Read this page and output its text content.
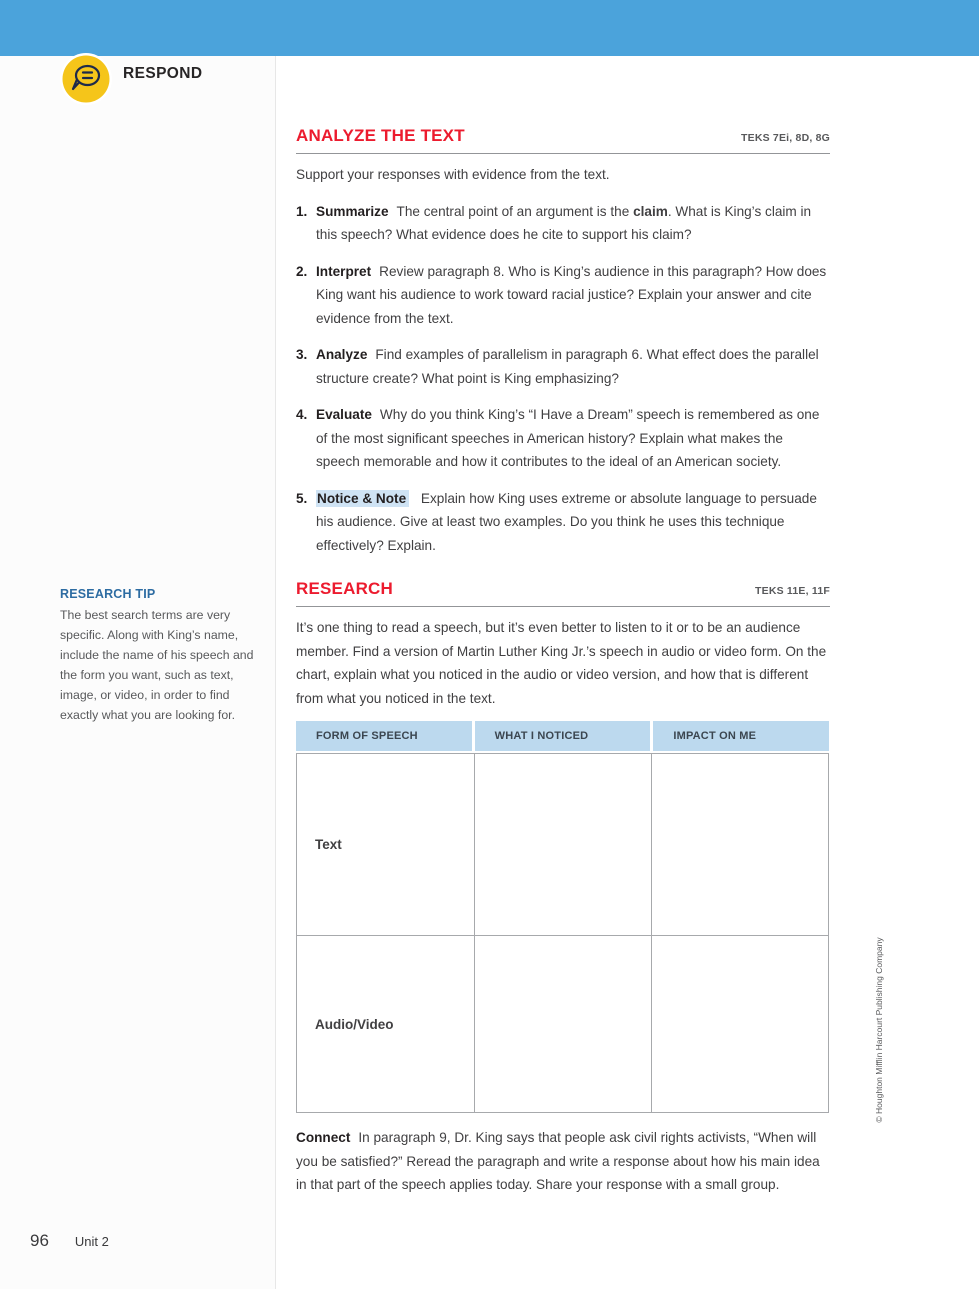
RESPOND
ANALYZE THE TEXT	TEKS 7Ei, 8D, 8G

Support your responses with evidence from the text.

1. Summarize The central point of an argument is the claim. What is King’s claim in this speech? What evidence does he cite to support his claim?
2. Interpret Review paragraph 8. Who is King’s audience in this paragraph? How does King want his audience to work toward racial justice? Explain your answer and cite evidence from the text.
3. Analyze Find examples of parallelism in paragraph 6. What effect does the parallel structure create? What point is King emphasizing?
4. Evaluate Why do you think King’s “I Have a Dream” speech is remembered as one of the most significant speeches in American history? Explain what makes the speech memorable and how it contributes to the ideal of an American society.
5. Notice & Note Explain how King uses extreme or absolute language to persuade his audience. Give at least two examples. Do you think he uses this technique effectively? Explain.
RESEARCH TIP

The best search terms are very specific. Along with King’s name, include the name of his speech and the form you want, such as text, image, or video, in order to find exactly what you are looking for.

RESEARCH	TEKS 11E, 11F

It’s one thing to read a speech, but it’s even better to listen to it or to be an audience member. Find a version of Martin Luther King Jr.’s speech in audio or video form. On the chart, explain what you noticed in the audio or video version, and how that is different from what you noticed in the text.

FORM OF SPEECH	WHAT I NOTICED	IMPACT ON ME
Text
Audio/Video

Connect In paragraph 9, Dr. King says that people ask civil rights activists, “When will you be satisfied?” Reread the paragraph and write a response about how his main idea in that part of the speech applies today. Share your response with a small group.

96 Unit 2
© Houghton Mifflin Harcourt Publishing Company
